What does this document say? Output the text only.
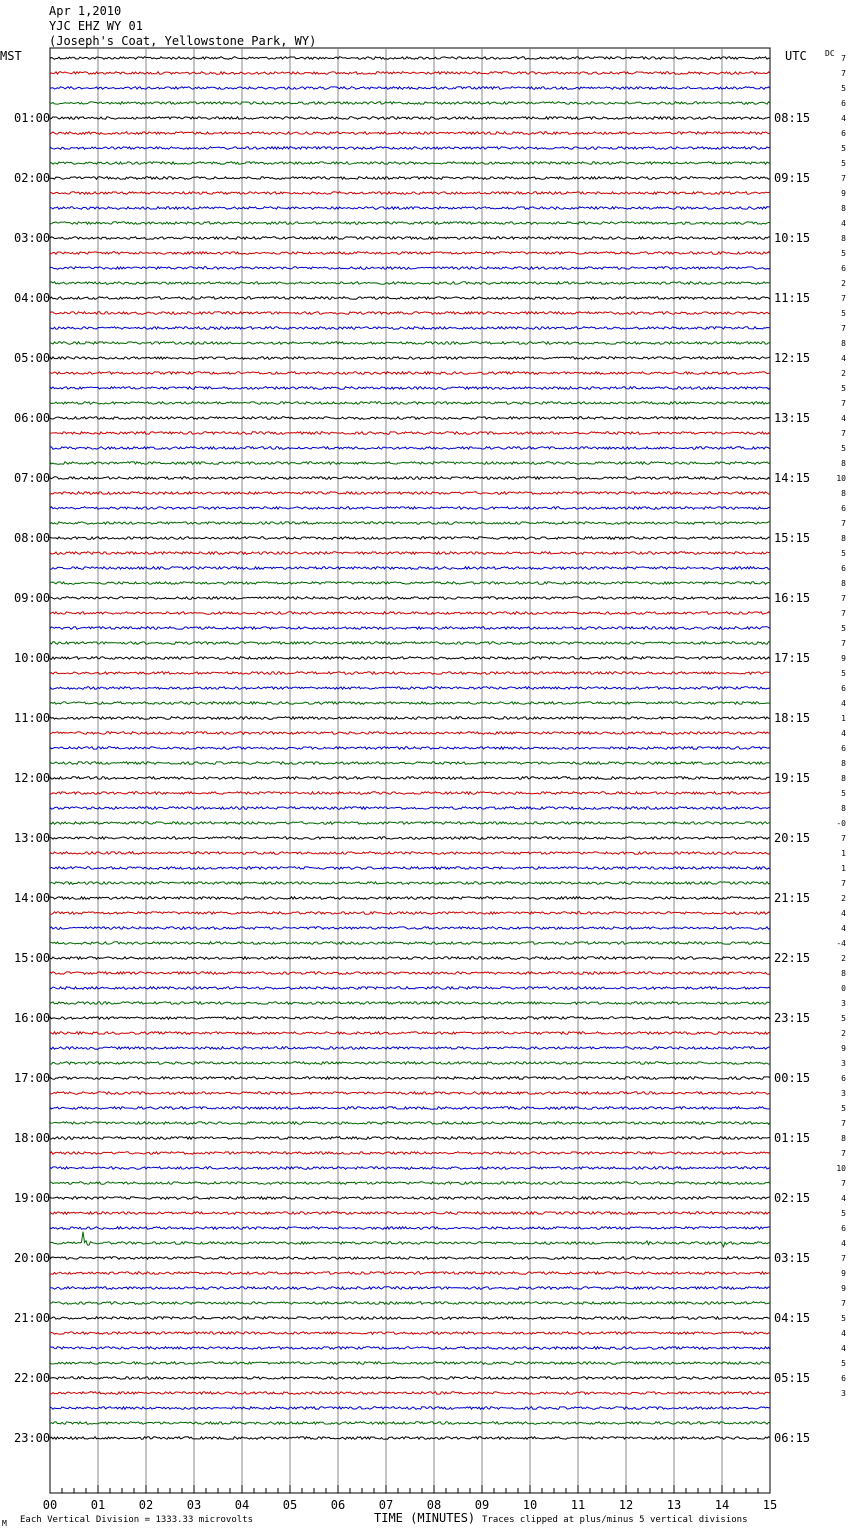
Apr 1,2010
YJC EHZ WY 01
(Joseph's Coat, Yellowstone Park, WY)
01:00
02:00
03:00
04:00
05:00
06:00
07:00
08:00
09:00
10:00
11:00
12:00
13:00
14:00
15:00
16:00
17:00
18:00
19:00
20:00
21:00
22:00
23:00
08:15
09:15
10:15
11:15
12:15
13:15
14:15
15:15
16:15
17:15
18:15
19:15
20:15
21:15
22:15
23:15
00:15
01:15
02:15
03:15
04:15
05:15
06:15
7
7
5
6
4
6
5
5
7
9
8
4
8
5
6
2
7
5
7
8
4
2
5
7
4
7
5
8
10
8
6
7
8
5
6
8
7
7
5
7
9
5
6
4
1
4
6
8
8
5
8
-0
7
1
1
7
2
4
4
-4
2
8
0
3
5
2
9
3
6
3
5
7
8
7
10
7
4
5
6
4
7
9
9
7
5
4
4
5
6
3
00	01	02	03	04	05	06	07	08	09	10	11	12	13	14	15
MST	UTC DC
TIME (MINUTES)
Each Vertical Division = 1333.33 microvolts	Traces clipped at plus/minus 5 vertical divisions
M
